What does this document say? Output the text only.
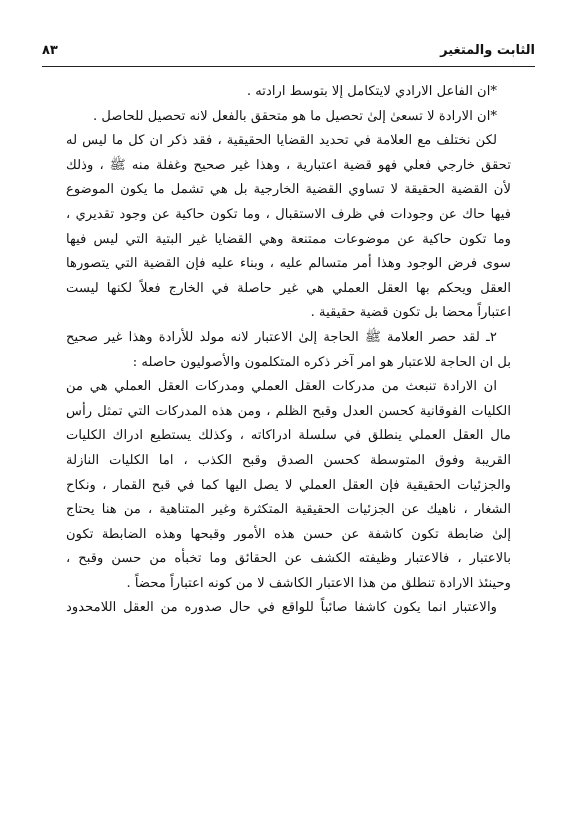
الثابت والمتغير
٨٣
*ان الفاعل الارادي لايتكامل إلا بتوسط ارادته .
*ان الارادة لا تسعىٰ إلىٰ تحصيل ما هو متحقق بالفعل لانه تحصيل للحاصل .
لكن نختلف مع العلامة في تحديد القضايا الحقيقية ، فقد ذكر ان كل ما ليس له
تحقق خارجي فعلي فهو قضية اعتبارية ، وهذا غير صحيح وغفلة منه ﷺ ، وذلك
لأن القضية الحقيقة لا تساوي القضية الخارجية بل هي تشمل ما يكون الموضوع
فيها حاك عن وجودات في ظرف الاستقبال ، وما تكون حاكية عن وجود تقديري ،
وما تكون حاكية عن موضوعات ممتنعة وهي القضايا غير البتية التي ليس فيها
سوى فرض الوجود وهذا أمر متسالم عليه ، وبناء عليه فإن القضية التي يتصورها
العقل ويحكم بها العقل العملي هي غير حاصلة في الخارج فعلاً لكنها ليست
اعتباراً محضا بل تكون قضية حقيقية .
٢ـ لقد حصر العلامة ﷺ الحاجة إلىٰ الاعتبار لانه مولد للأرادة وهذا غير صحيح
بل ان الحاجة للاعتبار هو امر آخر ذكره المتكلمون والأصوليون حاصله :
ان الارادة تنبعث من مدركات العقل العملي ومدركات العقل العملي هي من
الكليات الفوقانية كحسن العدل وقبح الظلم ، ومن هذه المدركات التي تمثل رأس
مال العقل العملي ينطلق في سلسلة ادراكاته ، وكذلك يستطيع ادراك الكليات
القريبة وفوق المتوسطة كحسن الصدق وقبح الكذب ، اما الكليات النازلة
والجزئيات الحقيقية فإن العقل العملي لا يصل اليها كما في قبح القمار ، ونكاح
الشغار ، ناهيك عن الجزئيات الحقيقية المتكثرة وغير المتناهية ، من هنا يحتاج
إلىٰ ضابطة تكون كاشفة عن حسن هذه الأمور وقبحها وهذه الضابطة تكون
بالاعتبار ، فالاعتبار وظيفته الكشف عن الحقائق وما تخبأه من حسن وقبح ،
وحينئذ الارادة تنطلق من هذا الاعتبار الكاشف لا من كونه اعتباراً محضاً .
والاعتبار انما يكون كاشفا صائباً للواقع في حال صدوره من العقل اللامحدود
